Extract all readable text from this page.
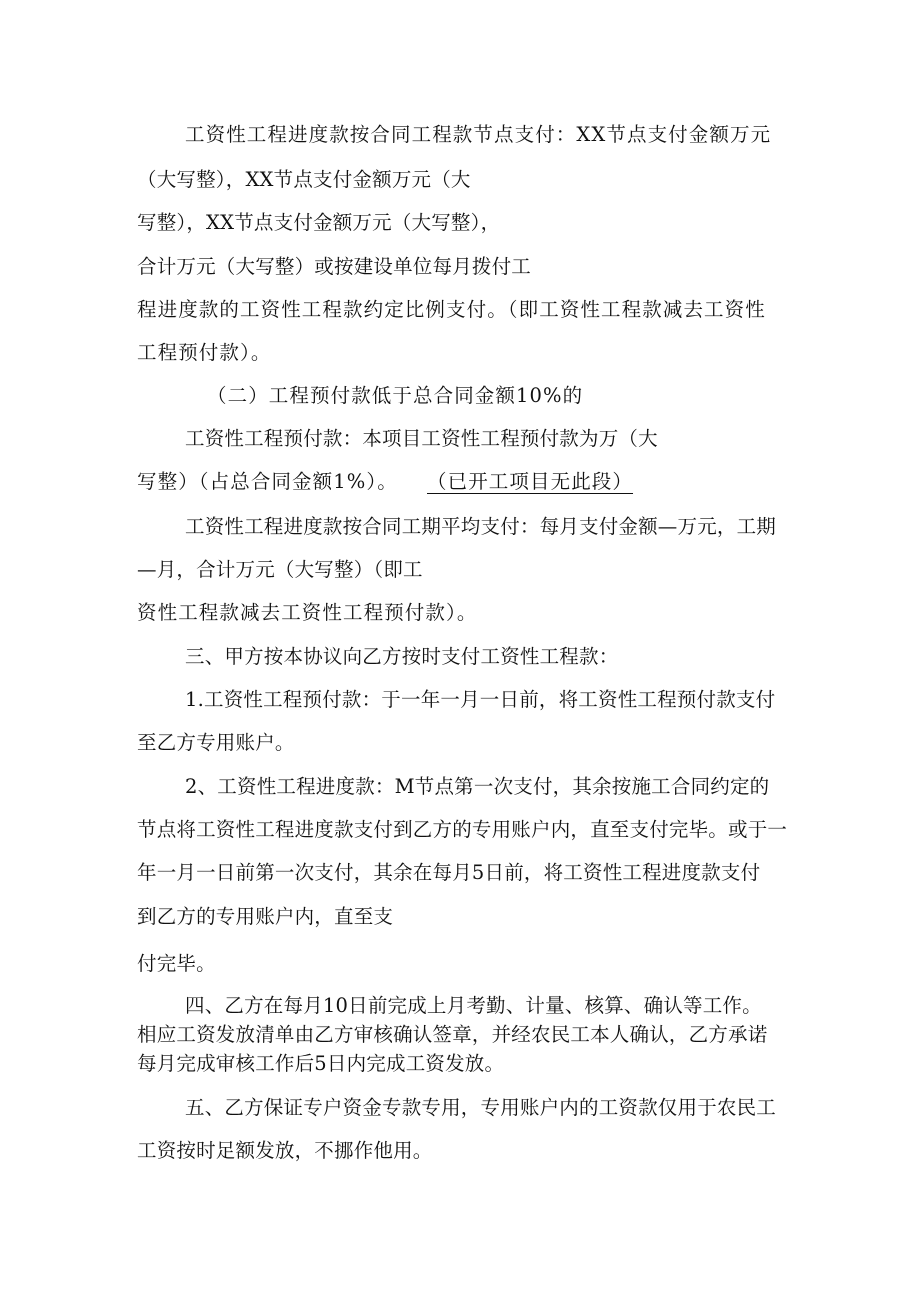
工资性工程进度款按合同工程款节点支付：XX节点支付金额万元
（大写整），XX节点支付金额万元（大
写整），XX节点支付金额万元（大写整），
合计万元（大写整）或按建设单位每月拨付工
程进度款的工资性工程款约定比例支付。（即工资性工程款减去工资性
工程预付款）。
（二）工程预付款低于总合同金额10%的
工资性工程预付款：本项目工资性工程预付款为万（大
写整）（占总合同金额1%）。 （已开工项目无此段）
工资性工程进度款按合同工期平均支付：每月支付金额—万元，工期
—月，合计万元（大写整）（即工
资性工程款减去工资性工程预付款）。
三、甲方按本协议向乙方按时支付工资性工程款：
1.工资性工程预付款：于一年一月一日前，将工资性工程预付款支付
至乙方专用账户。
2、工资性工程进度款：M节点第一次支付，其余按施工合同约定的
节点将工资性工程进度款支付到乙方的专用账户内，直至支付完毕。或于一
年一月一日前第一次支付，其余在每月5日前，将工资性工程进度款支付
到乙方的专用账户内，直至支
付完毕。
四、乙方在每月10日前完成上月考勤、计量、核算、确认等工作。
相应工资发放清单由乙方审核确认签章，并经农民工本人确认，乙方承诺
每月完成审核工作后5日内完成工资发放。
五、乙方保证专户资金专款专用，专用账户内的工资款仅用于农民工
工资按时足额发放，不挪作他用。
